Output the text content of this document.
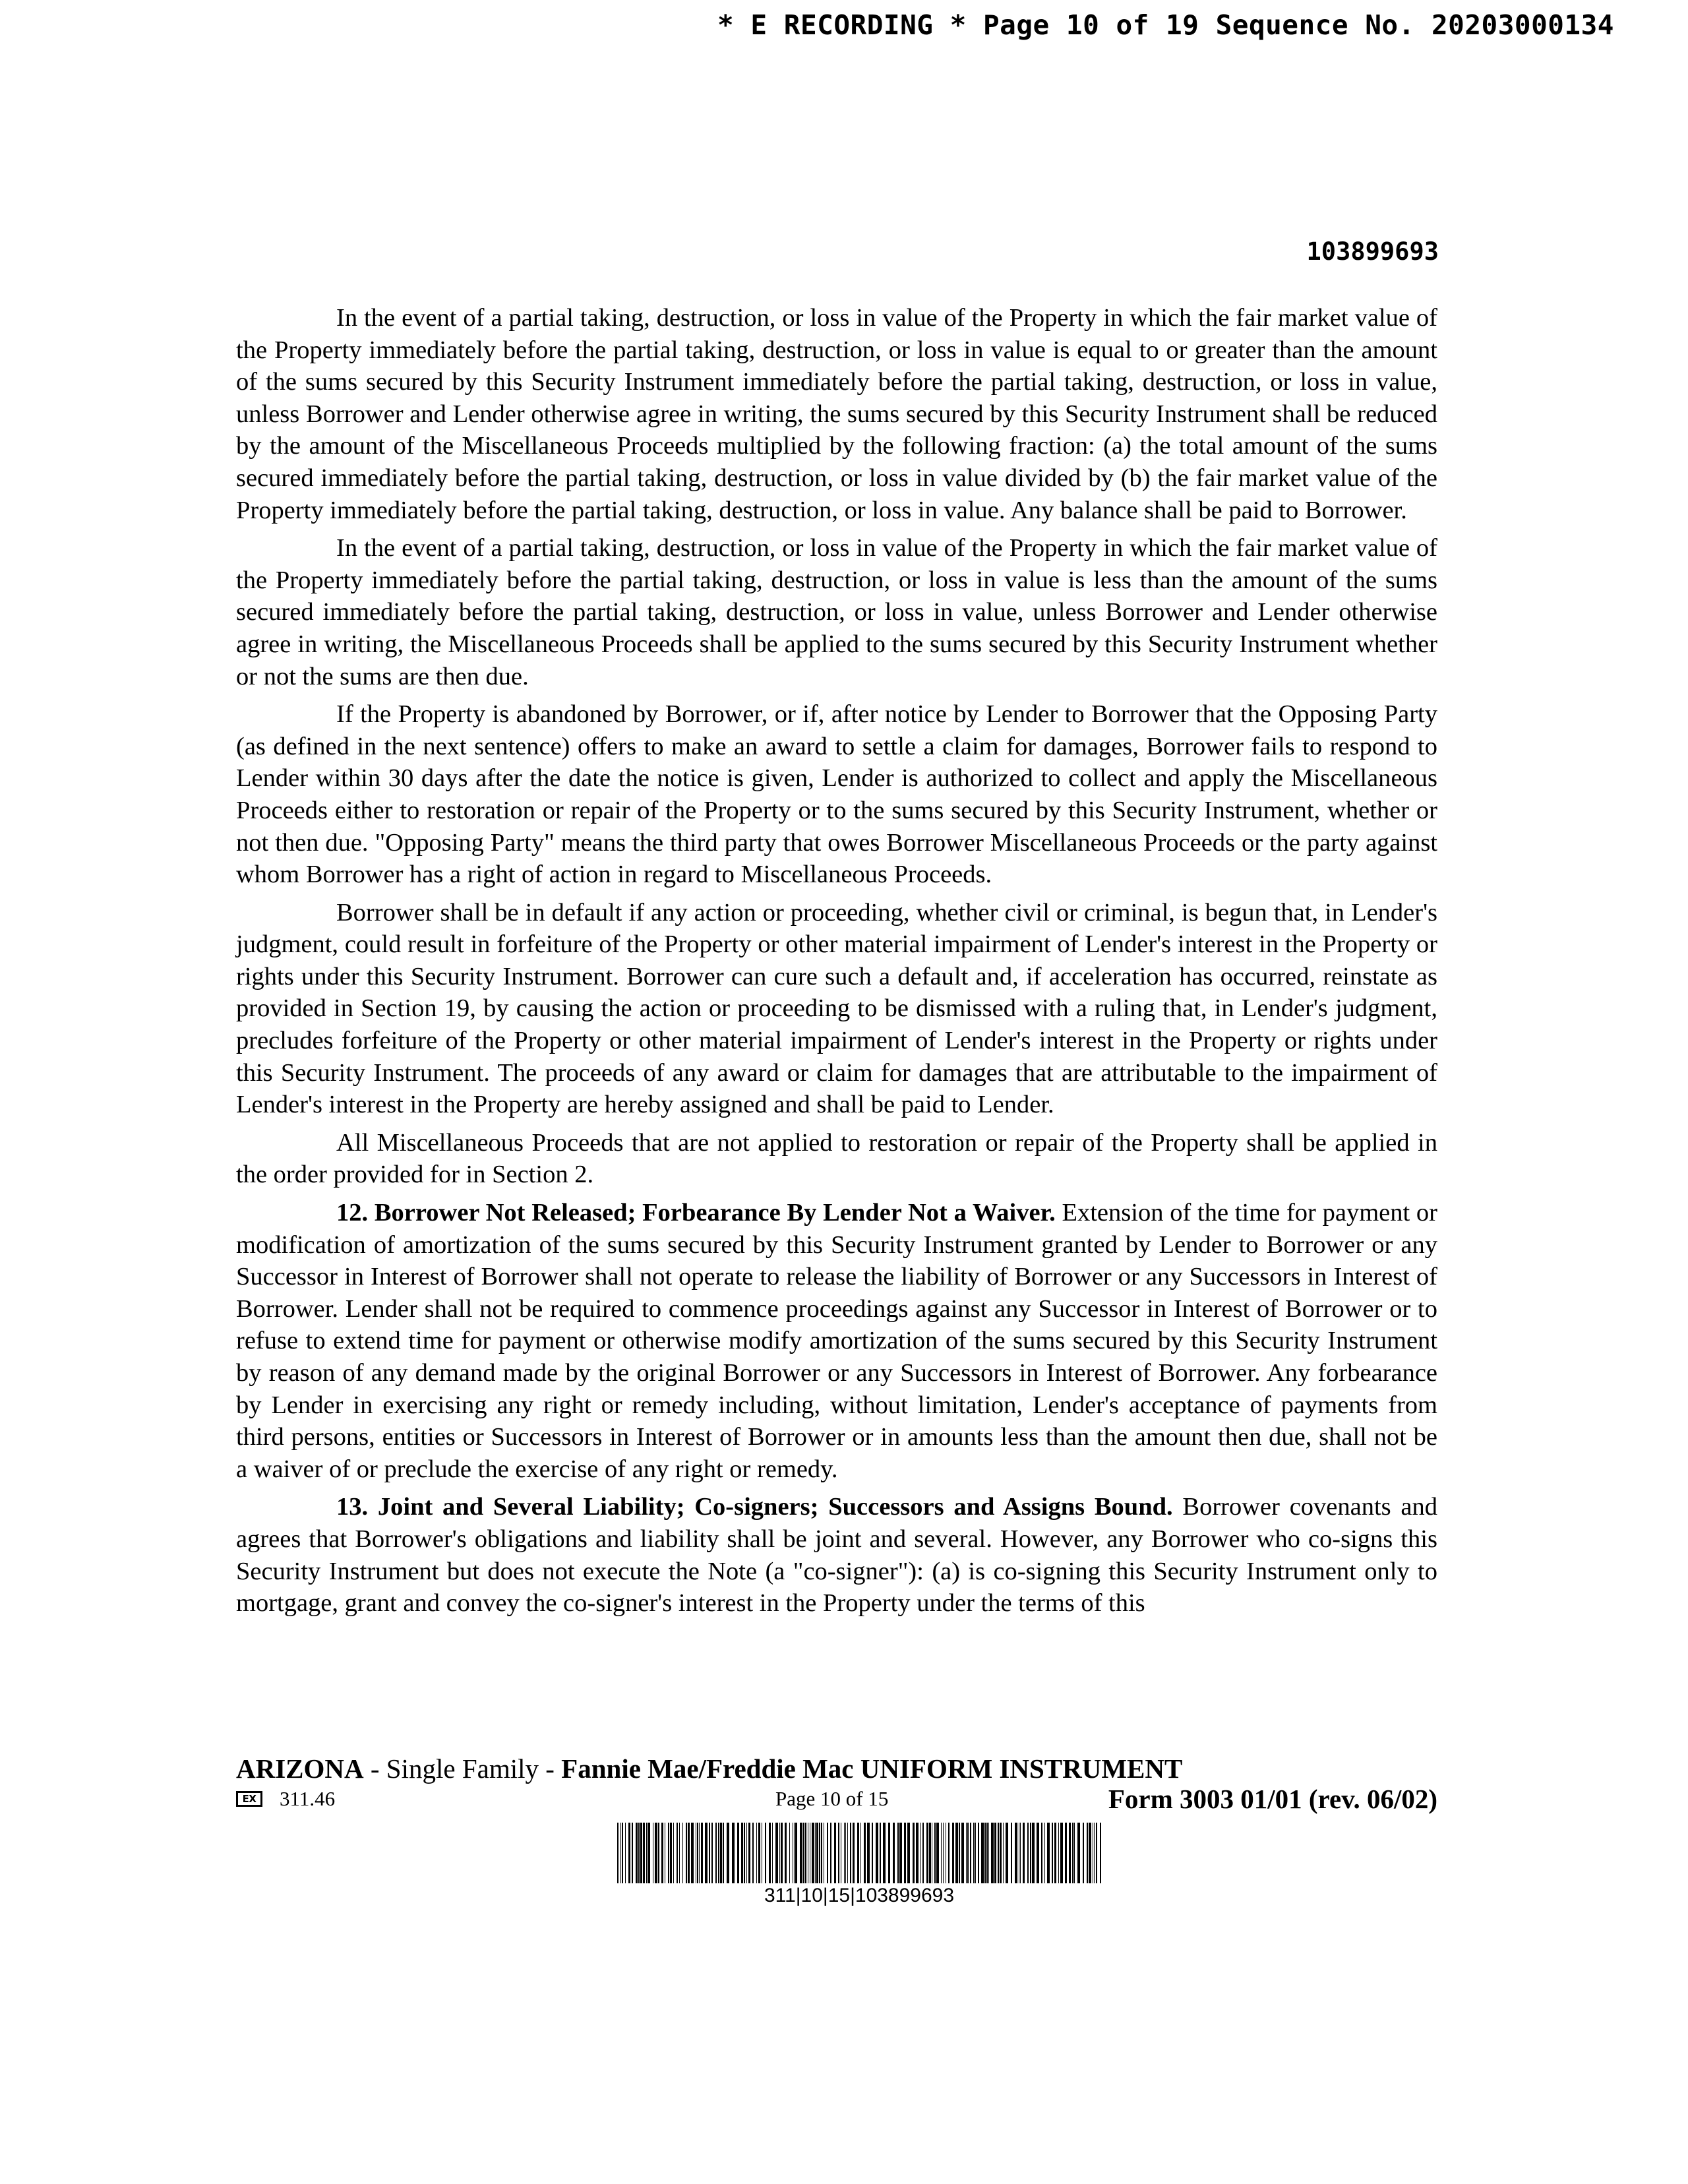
* E RECORDING * Page 10 of 19 Sequence No. 20203000134
103899693

In the event of a partial taking, destruction, or loss in value of the Property in which the fair market value of the Property immediately before the partial taking, destruction, or loss in value is equal to or greater than the amount of the sums secured by this Security Instrument immediately before the partial taking, destruction, or loss in value, unless Borrower and Lender otherwise agree in writing, the sums secured by this Security Instrument shall be reduced by the amount of the Miscellaneous Proceeds multiplied by the following fraction: (a) the total amount of the sums secured immediately before the partial taking, destruction, or loss in value divided by (b) the fair market value of the Property immediately before the partial taking, destruction, or loss in value. Any balance shall be paid to Borrower.

In the event of a partial taking, destruction, or loss in value of the Property in which the fair market value of the Property immediately before the partial taking, destruction, or loss in value is less than the amount of the sums secured immediately before the partial taking, destruction, or loss in value, unless Borrower and Lender otherwise agree in writing, the Miscellaneous Proceeds shall be applied to the sums secured by this Security Instrument whether or not the sums are then due.

If the Property is abandoned by Borrower, or if, after notice by Lender to Borrower that the Opposing Party (as defined in the next sentence) offers to make an award to settle a claim for damages, Borrower fails to respond to Lender within 30 days after the date the notice is given, Lender is authorized to collect and apply the Miscellaneous Proceeds either to restoration or repair of the Property or to the sums secured by this Security Instrument, whether or not then due. "Opposing Party" means the third party that owes Borrower Miscellaneous Proceeds or the party against whom Borrower has a right of action in regard to Miscellaneous Proceeds.

Borrower shall be in default if any action or proceeding, whether civil or criminal, is begun that, in Lender's judgment, could result in forfeiture of the Property or other material impairment of Lender's interest in the Property or rights under this Security Instrument. Borrower can cure such a default and, if acceleration has occurred, reinstate as provided in Section 19, by causing the action or proceeding to be dismissed with a ruling that, in Lender's judgment, precludes forfeiture of the Property or other material impairment of Lender's interest in the Property or rights under this Security Instrument. The proceeds of any award or claim for damages that are attributable to the impairment of Lender's interest in the Property are hereby assigned and shall be paid to Lender.

All Miscellaneous Proceeds that are not applied to restoration or repair of the Property shall be applied in the order provided for in Section 2.

12. Borrower Not Released; Forbearance By Lender Not a Waiver. Extension of the time for payment or modification of amortization of the sums secured by this Security Instrument granted by Lender to Borrower or any Successor in Interest of Borrower shall not operate to release the liability of Borrower or any Successors in Interest of Borrower. Lender shall not be required to commence proceedings against any Successor in Interest of Borrower or to refuse to extend time for payment or otherwise modify amortization of the sums secured by this Security Instrument by reason of any demand made by the original Borrower or any Successors in Interest of Borrower. Any forbearance by Lender in exercising any right or remedy including, without limitation, Lender's acceptance of payments from third persons, entities or Successors in Interest of Borrower or in amounts less than the amount then due, shall not be a waiver of or preclude the exercise of any right or remedy.

13. Joint and Several Liability; Co-signers; Successors and Assigns Bound. Borrower covenants and agrees that Borrower's obligations and liability shall be joint and several. However, any Borrower who co-signs this Security Instrument but does not execute the Note (a "co-signer"): (a) is co-signing this Security Instrument only to mortgage, grant and convey the co-signer's interest in the Property under the terms of this

ARIZONA - Single Family - Fannie Mae/Freddie Mac UNIFORM INSTRUMENT
EX	311.46	Page 10 of 15	Form 3003 01/01 (rev. 06/02)
311|10|15|103899693
